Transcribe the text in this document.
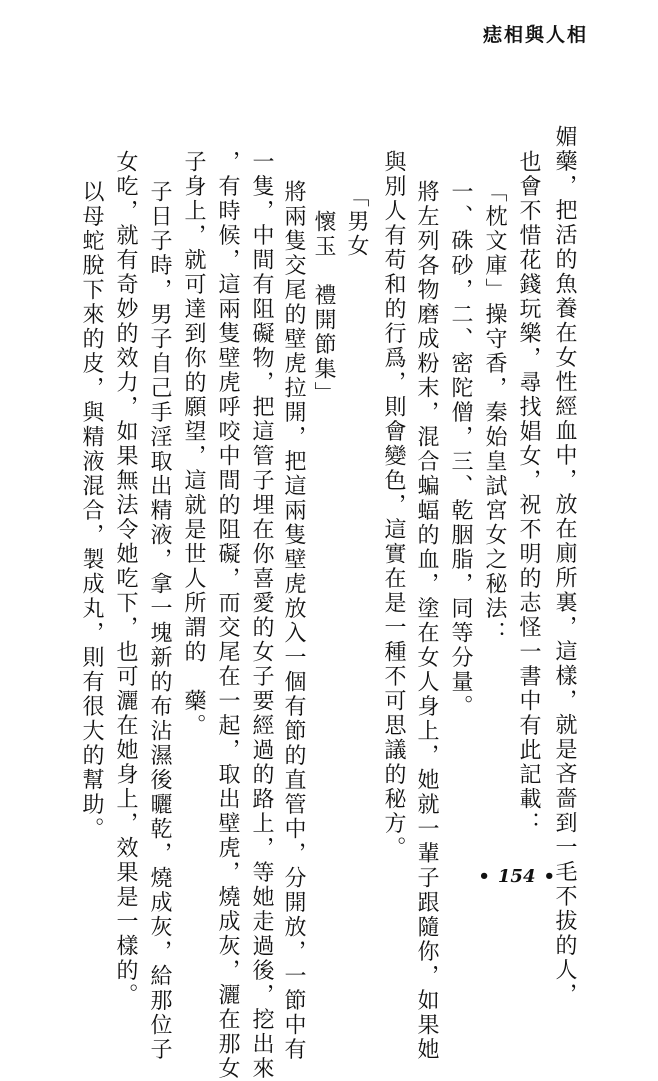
痣相與人相
媚藥，把活的魚養在女性經血中，放在廁所裏，這樣，就是吝嗇到一毛不拔的人，
也會不惜花錢玩樂，尋找娼女，祝不明的志怪一書中有此記載：
「枕文庫」操守香，秦始皇試宮女之秘法：
一、硃砂，二、密陀僧，三、乾胭脂，同等分量。
將左列各物磨成粉末，混合蝙蝠的血，塗在女人身上，她就一輩子跟隨你，如果她
與別人有苟和的行爲，則會變色，這實在是一種不可思議的秘方。
「男女
懷玉　禮開節集」
將兩隻交尾的壁虎拉開，把這兩隻壁虎放入一個有節的直管中，分開放，一節中有
一隻，中間有阻礙物，把這管子埋在你喜愛的女子要經過的路上，等她走過後，挖出來
，有時候，這兩隻壁虎呼咬中間的阻礙，而交尾在一起，取出壁虎，燒成灰，灑在那女
子身上，就可達到你的願望，這就是世人所謂的　藥。
子日子時，男子自己手淫取出精液，拿一塊新的布沾濕後曬乾，燒成灰，給那位子
女吃，就有奇妙的效力，如果無法令她吃下，也可灑在她身上，效果是一樣的。
以母蛇脫下來的皮，與精液混合，製成丸，則有很大的幫助。
• 154 •
